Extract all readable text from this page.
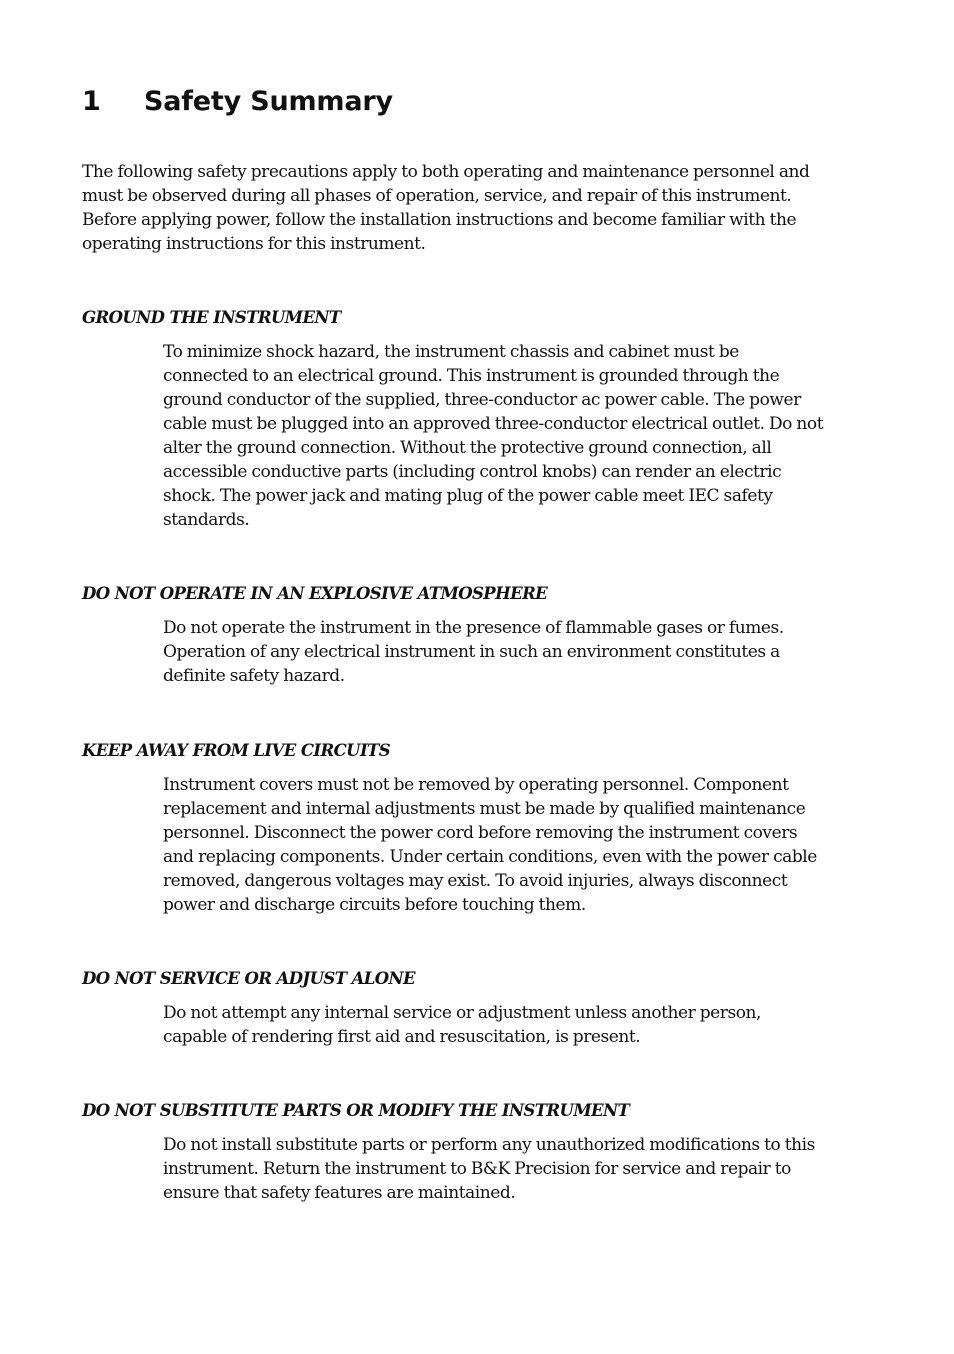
1	Safety Summary

The following safety precautions apply to both operating and maintenance personnel and
must be observed during all phases of operation, service, and repair of this instrument.
Before applying power, follow the installation instructions and become familiar with the
operating instructions for this instrument.

GROUND THE INSTRUMENT

To minimize shock hazard, the instrument chassis and cabinet must be
connected to an electrical ground. This instrument is grounded through the
ground conductor of the supplied, three-conductor ac power cable. The power
cable must be plugged into an approved three-conductor electrical outlet. Do not
alter the ground connection. Without the protective ground connection, all
accessible conductive parts (including control knobs) can render an electric
shock. The power jack and mating plug of the power cable meet IEC safety
standards.

DO NOT OPERATE IN AN EXPLOSIVE ATMOSPHERE

Do not operate the instrument in the presence of flammable gases or fumes.
Operation of any electrical instrument in such an environment constitutes a
definite safety hazard.

KEEP AWAY FROM LIVE CIRCUITS

Instrument covers must not be removed by operating personnel. Component
replacement and internal adjustments must be made by qualified maintenance
personnel. Disconnect the power cord before removing the instrument covers
and replacing components. Under certain conditions, even with the power cable
removed, dangerous voltages may exist. To avoid injuries, always disconnect
power and discharge circuits before touching them.

DO NOT SERVICE OR ADJUST ALONE

Do not attempt any internal service or adjustment unless another person,
capable of rendering first aid and resuscitation, is present.

DO NOT SUBSTITUTE PARTS OR MODIFY THE INSTRUMENT

Do not install substitute parts or perform any unauthorized modifications to this
instrument. Return the instrument to B&K Precision for service and repair to
ensure that safety features are maintained.
